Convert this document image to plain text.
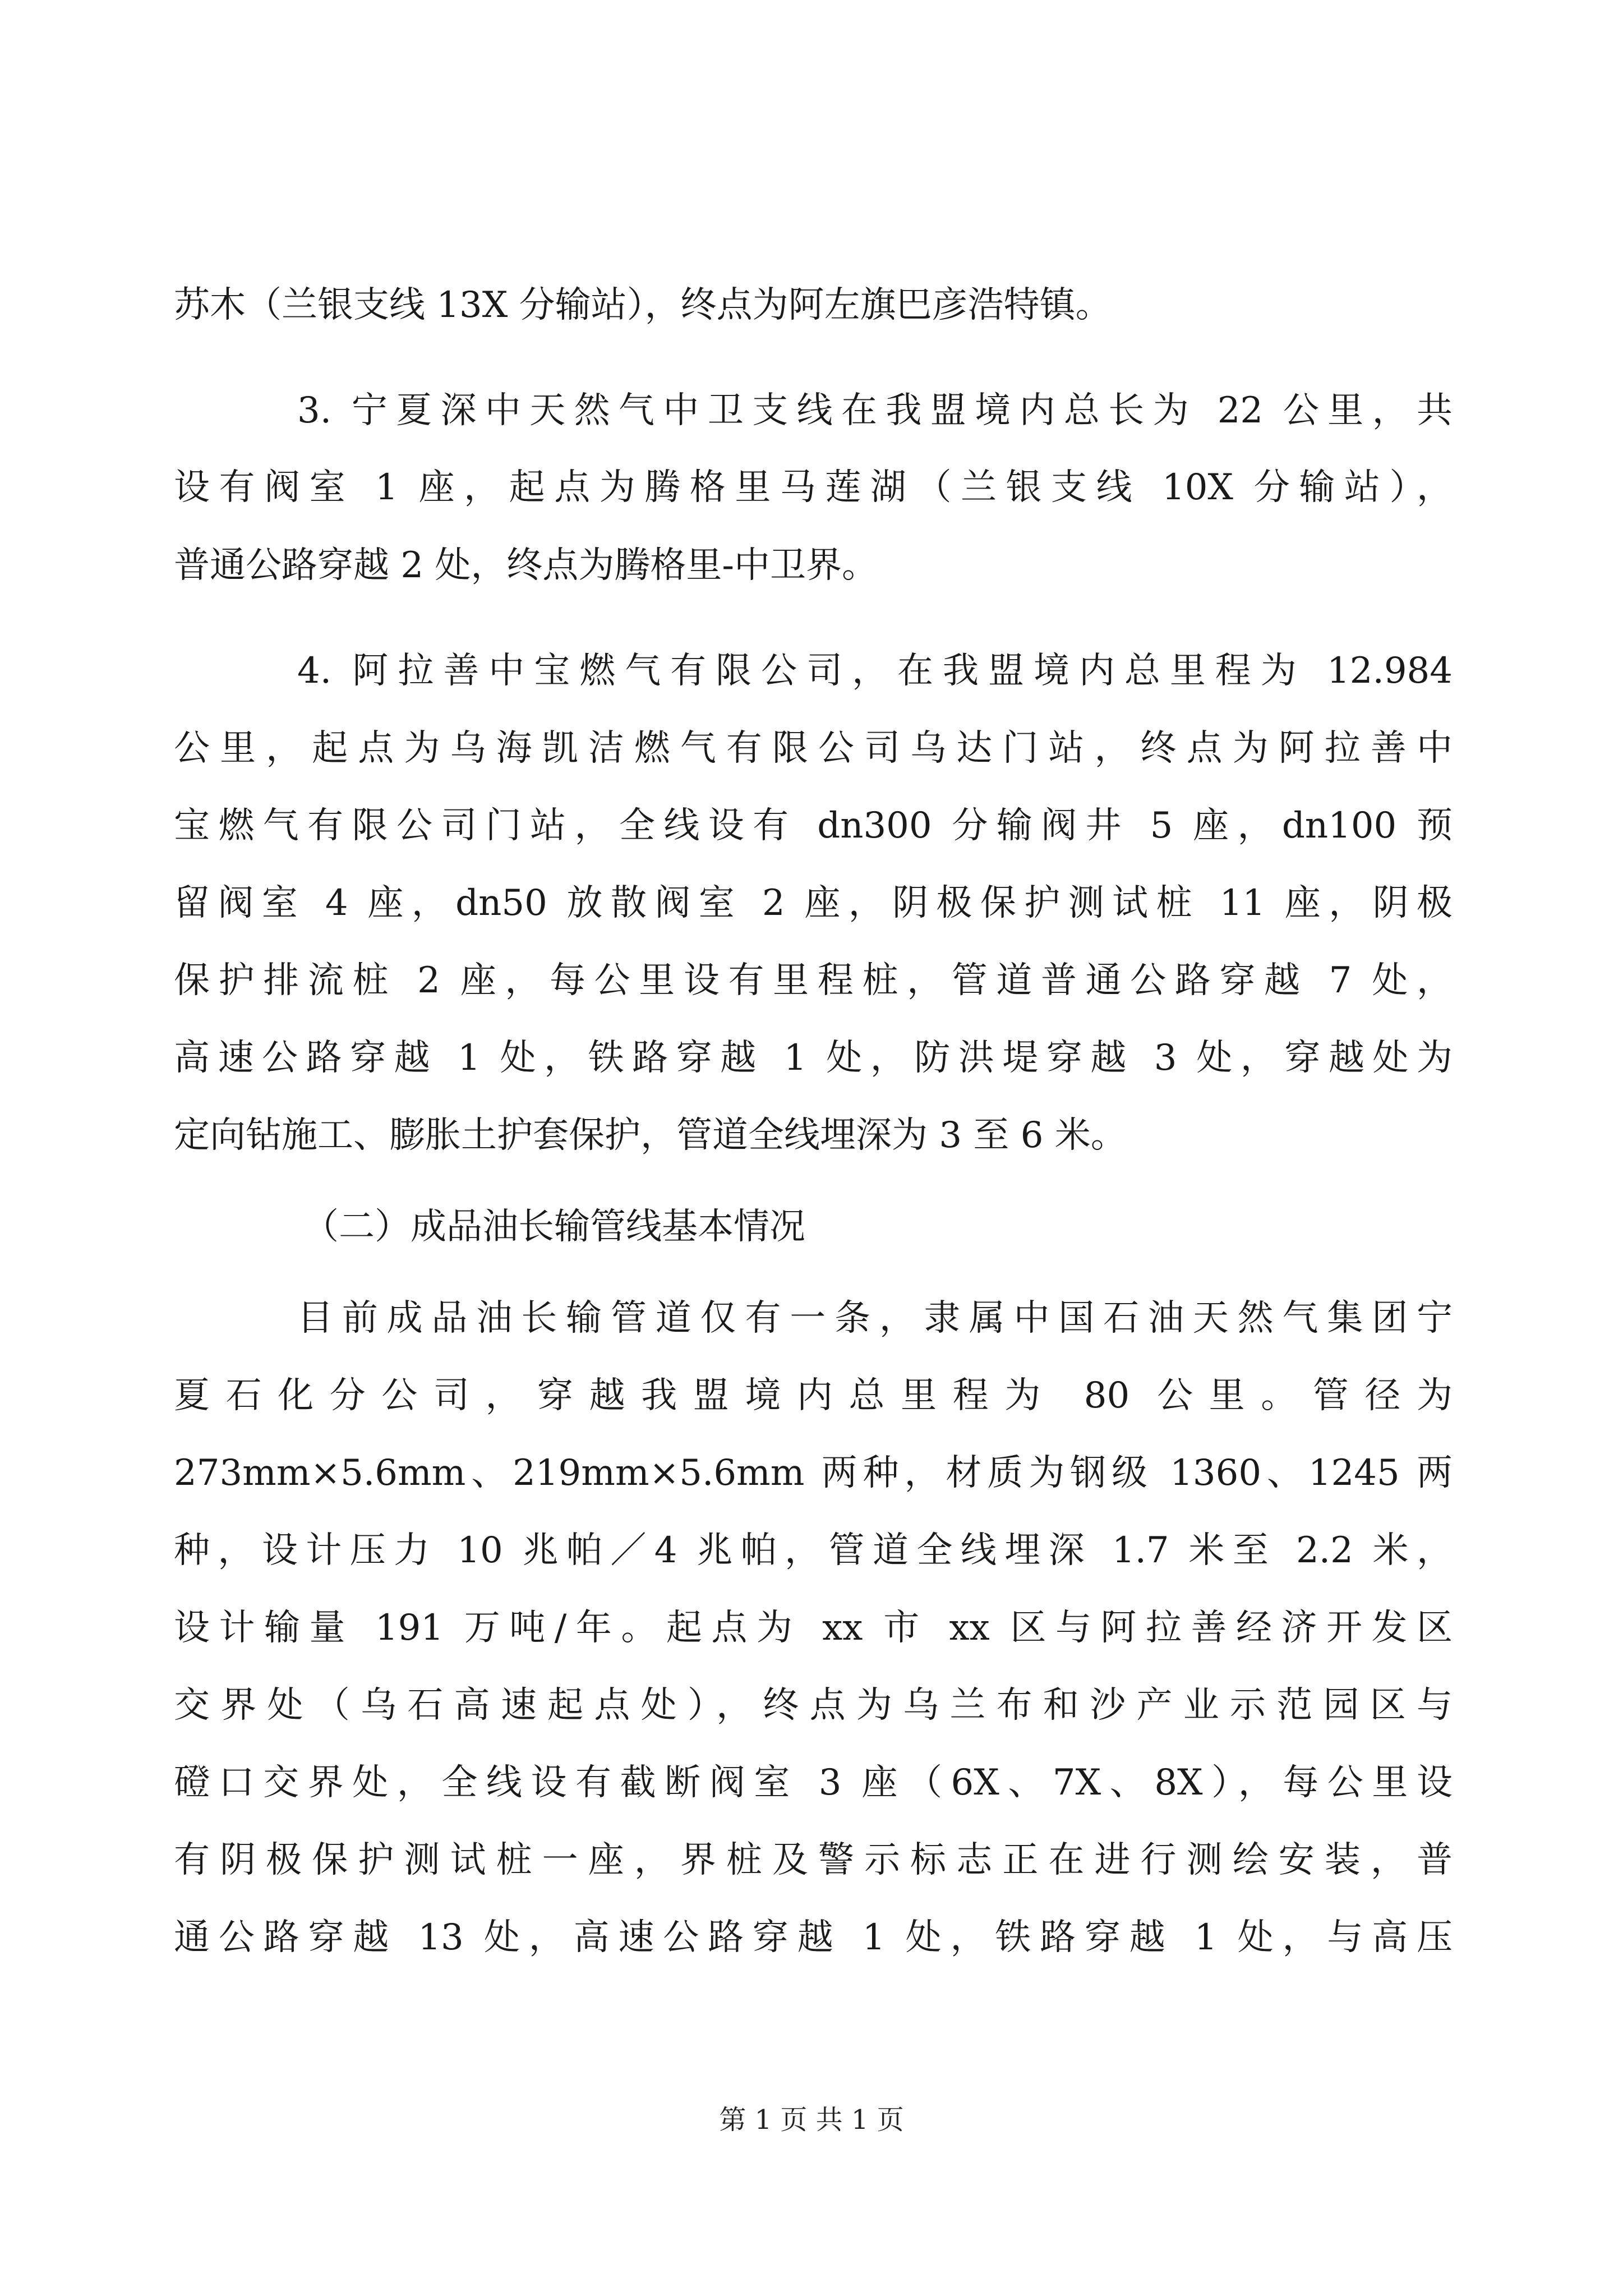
苏木（兰银支线 13X 分输站），终点为阿左旗巴彦浩特镇。
3. 宁夏深中天然气中卫支线在我盟境内总长为 22 公里，共
设有阀室 1 座，起点为腾格里马莲湖（兰银支线 10X 分输站），
普通公路穿越 2 处，终点为腾格里-中卫界。
4. 阿拉善中宝燃气有限公司，在我盟境内总里程为 12.984
公里，起点为乌海凯洁燃气有限公司乌达门站，终点为阿拉善中
宝燃气有限公司门站，全线设有 dn300 分输阀井 5 座，dn100 预
留阀室 4 座，dn50 放散阀室 2 座，阴极保护测试桩 11 座，阴极
保护排流桩 2 座，每公里设有里程桩，管道普通公路穿越 7 处，
高速公路穿越 1 处，铁路穿越 1 处，防洪堤穿越 3 处，穿越处为
定向钻施工、膨胀土护套保护，管道全线埋深为 3 至 6 米。
（二）成品油长输管线基本情况
目前成品油长输管道仅有一条，隶属中国石油天然气集团宁
夏石化分公司，穿越我盟境内总里程为 80 公里。管径为
273mm×5.6mm、219mm×5.6mm 两种，材质为钢级 1360、1245 两
种，设计压力 10 兆帕／4 兆帕，管道全线埋深 1.7 米至 2.2 米，
设计输量 191 万吨/年。起点为 xx 市 xx 区与阿拉善经济开发区
交界处（乌石高速起点处），终点为乌兰布和沙产业示范园区与
磴口交界处，全线设有截断阀室 3 座（6X、7X、8X），每公里设
有阴极保护测试桩一座，界桩及警示标志正在进行测绘安装，普
通公路穿越 13 处，高速公路穿越 1 处，铁路穿越 1 处，与高压
第 1 页 共 1 页
